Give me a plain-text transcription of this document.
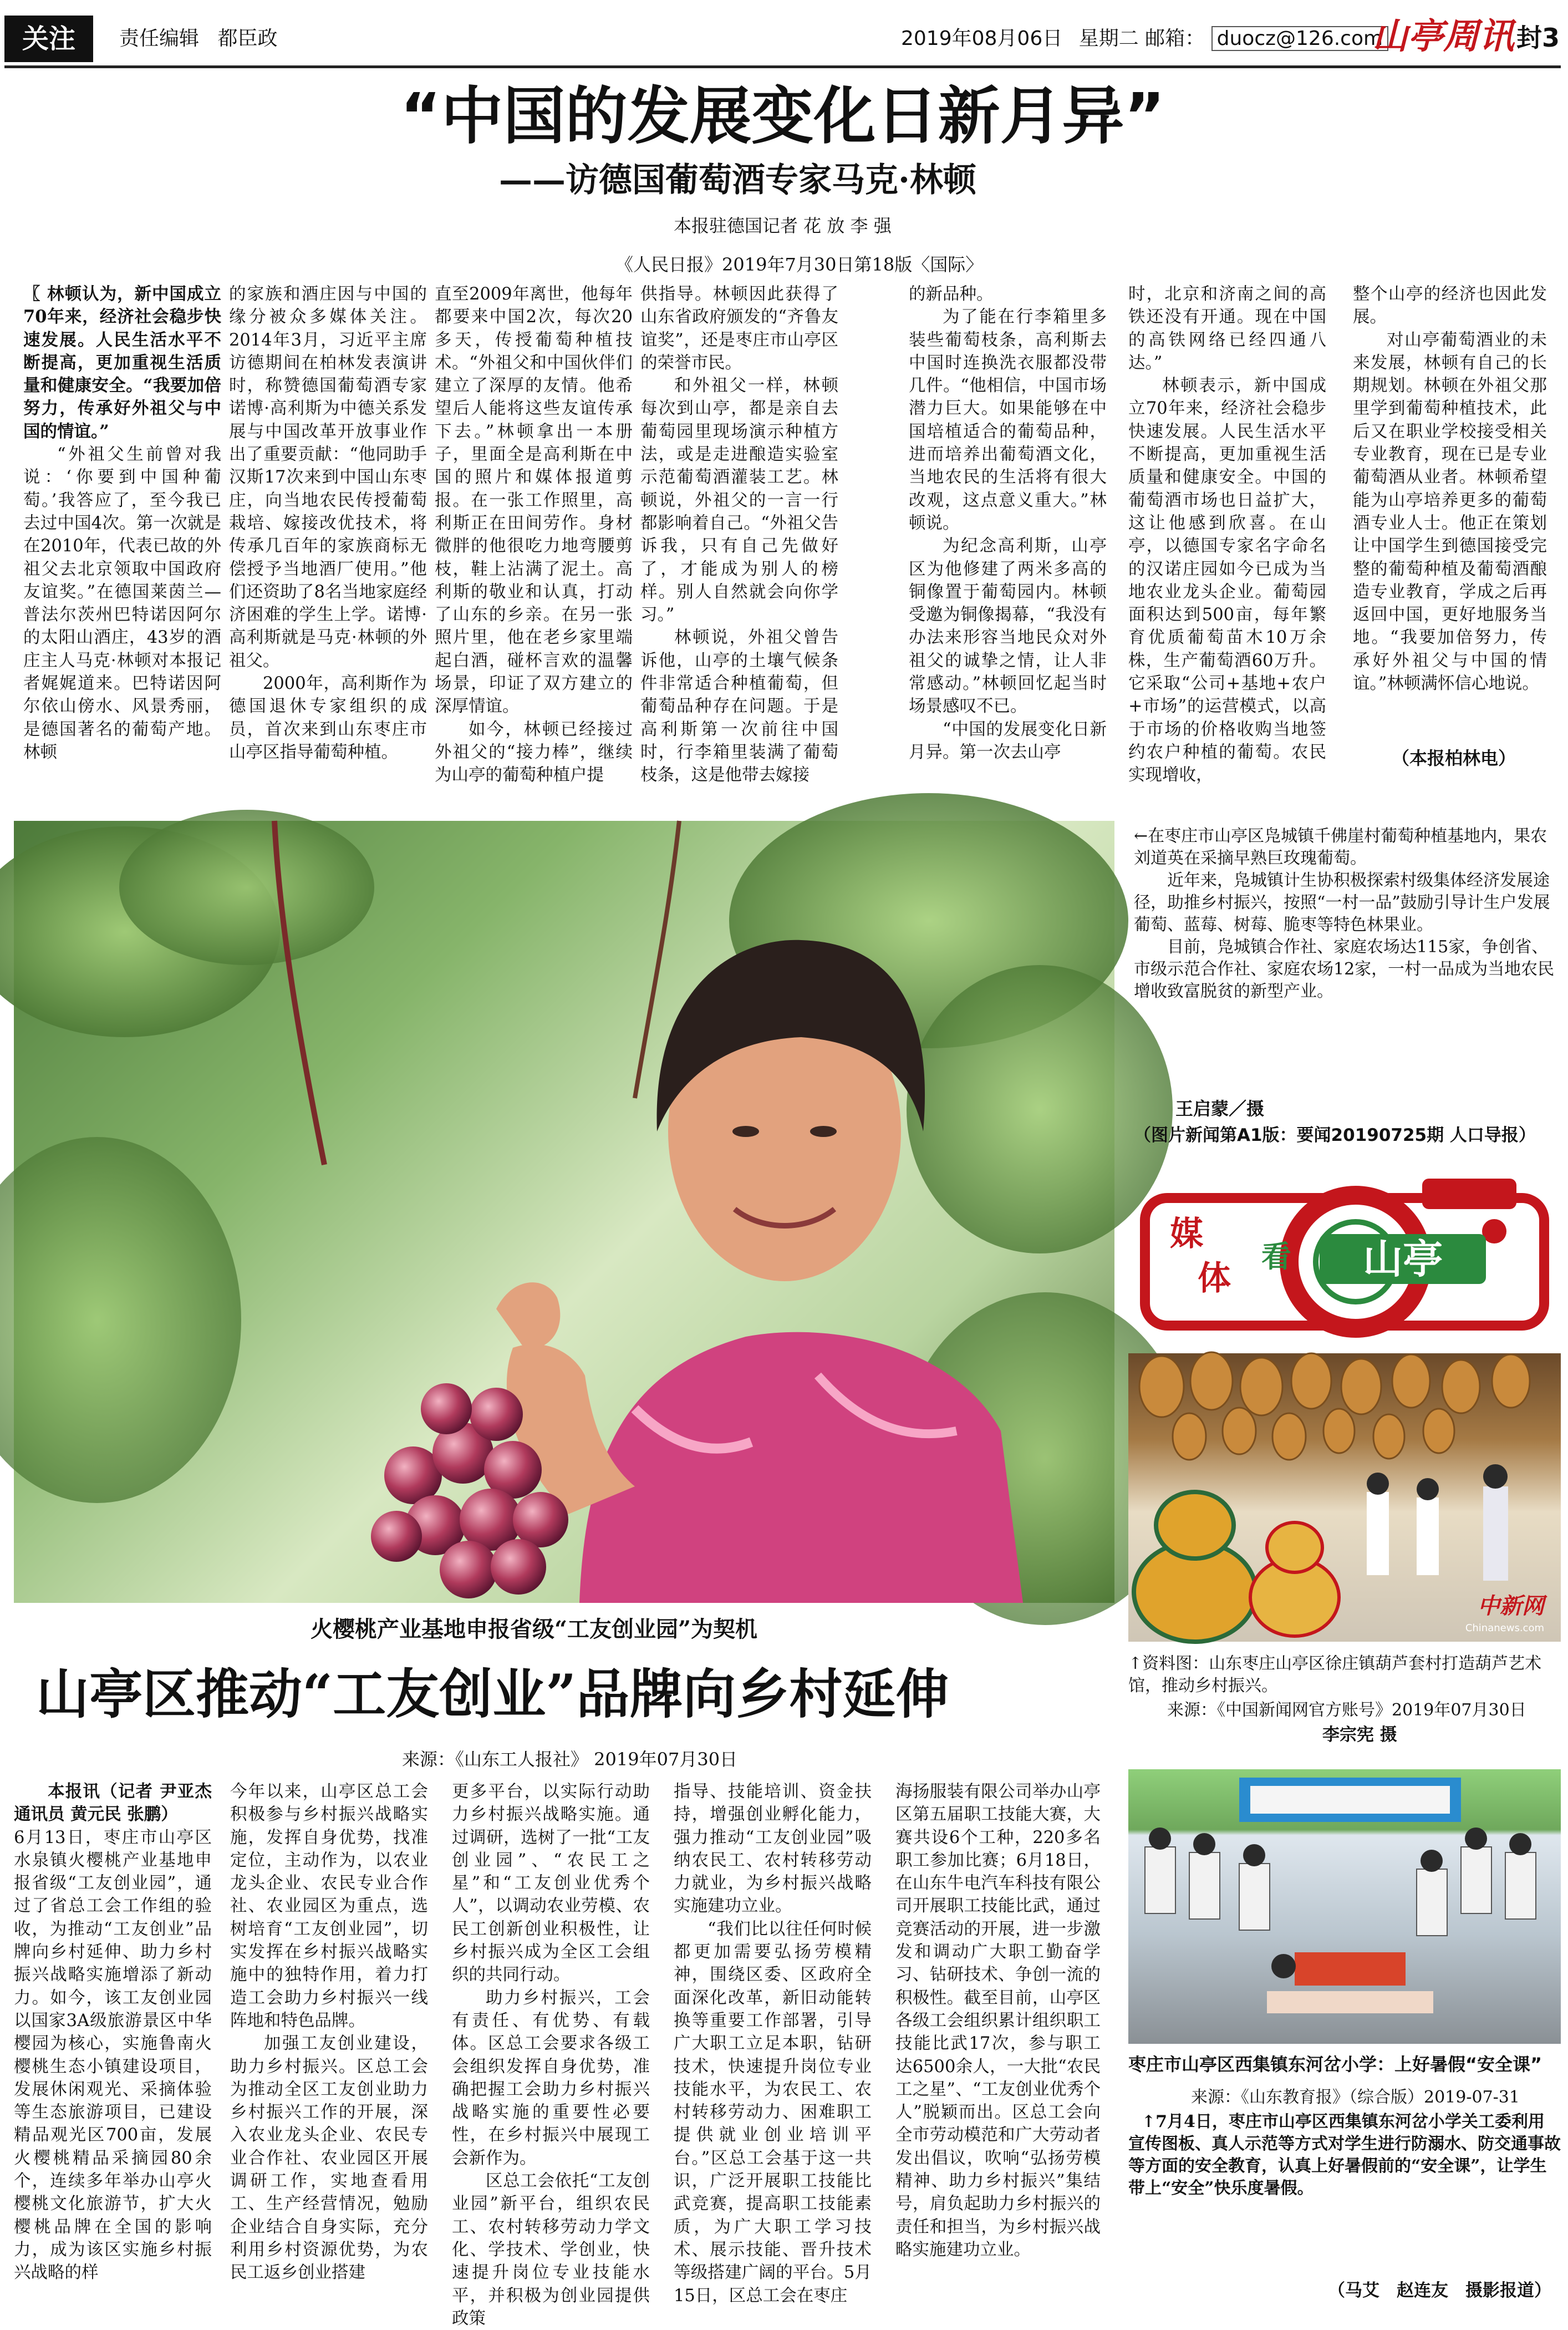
关注	责任编辑 都臣政	2019年08月06日 星期二 邮箱： duocz@126.com
山亭周讯 封3
“中国的发展变化日新月异”
——访德国葡萄酒专家马克·林顿
本报驻德国记者 花 放 李 强
《人民日报》2019年7月30日第18版〈国际〉

〖 林顿认为，新中国成立70年来，经济社会稳步快速发展。人民生活水平不断提高，更加重视生活质量和健康安全。“我要加倍努力，传承好外祖父与中国的情谊。”

“外祖父生前曾对我说：‘你要到中国种葡萄。’我答应了，至今我已去过中国4次。第一次就是在2010年，代表已故的外祖父去北京领取中国政府友谊奖。”在德国莱茵兰—普法尔茨州巴特诺因阿尔的太阳山酒庄，43岁的酒庄主人马克·林顿对本报记者娓娓道来。巴特诺因阿尔依山傍水、风景秀丽，是德国著名的葡萄产地。林顿

的家族和酒庄因与中国的缘分被众多媒体关注。2014年3月，习近平主席访德期间在柏林发表演讲时，称赞德国葡萄酒专家诺博·高利斯为中德关系发展与中国改革开放事业作出了重要贡献：“他同助手汉斯17次来到中国山东枣庄，向当地农民传授葡萄栽培、嫁接改优技术，将传承几百年的家族商标无偿授予当地酒厂使用。”他们还资助了8名当地家庭经济困难的学生上学。诺博·高利斯就是马克·林顿的外祖父。

2000年，高利斯作为德国退休专家组织的成员，首次来到山东枣庄市山亭区指导葡萄种植。

直至2009年离世，他每年都要来中国2次，每次20多天，传授葡萄种植技术。“外祖父和中国伙伴们建立了深厚的友情。他希望后人能将这些友谊传承下去。”林顿拿出一本册子，里面全是高利斯在中国的照片和媒体报道剪报。在一张工作照里，高利斯正在田间劳作。身材微胖的他很吃力地弯腰剪枝，鞋上沾满了泥土。高利斯的敬业和认真，打动了山东的乡亲。在另一张照片里，他在老乡家里端起白酒，碰杯言欢的温馨场景，印证了双方建立的深厚情谊。

如今，林顿已经接过外祖父的“接力棒”，继续为山亭的葡萄种植户提

供指导。林顿因此获得了山东省政府颁发的“齐鲁友谊奖”，还是枣庄市山亭区的荣誉市民。

和外祖父一样，林顿每次到山亭，都是亲自去葡萄园里现场演示种植方法，或是走进酿造实验室示范葡萄酒灌装工艺。林顿说，外祖父的一言一行都影响着自己。“外祖父告诉我，只有自己先做好了，才能成为别人的榜样。别人自然就会向你学习。”

林顿说，外祖父曾告诉他，山亭的土壤气候条件非常适合种植葡萄，但葡萄品种存在问题。于是高利斯第一次前往中国时，行李箱里装满了葡萄枝条，这是他带去嫁接

的新品种。

为了能在行李箱里多装些葡萄枝条，高利斯去中国时连换洗衣服都没带几件。“他相信，中国市场潜力巨大。如果能够在中国培植适合的葡萄品种，进而培养出葡萄酒文化，当地农民的生活将有很大改观，这点意义重大。”林顿说。

为纪念高利斯，山亭区为他修建了两米多高的铜像置于葡萄园内。林顿受邀为铜像揭幕，“我没有办法来形容当地民众对外祖父的诚挚之情，让人非常感动。”林顿回忆起当时场景感叹不已。

“中国的发展变化日新月异。第一次去山亭

时，北京和济南之间的高铁还没有开通。现在中国的高铁网络已经四通八达。”

林顿表示，新中国成立70年来，经济社会稳步快速发展。人民生活水平不断提高，更加重视生活质量和健康安全。中国的葡萄酒市场也日益扩大，这让他感到欣喜。在山亭，以德国专家名字命名的汉诺庄园如今已成为当地农业龙头企业。葡萄园面积达到500亩，每年繁育优质葡萄苗木10万余株，生产葡萄酒60万升。它采取“公司+基地+农户+市场”的运营模式，以高于市场的价格收购当地签约农户种植的葡萄。农民实现增收，

整个山亭的经济也因此发展。

对山亭葡萄酒业的未来发展，林顿有自己的长期规划。林顿在外祖父那里学到葡萄种植技术，此后又在职业学校接受相关专业教育，现在已是专业葡萄酒从业者。林顿希望能为山亭培养更多的葡萄酒专业人士。他正在策划让中国学生到德国接受完整的葡萄种植及葡萄酒酿造专业教育，学成之后再返回中国，更好地服务当地。“我要加倍努力，传承好外祖父与中国的情谊。”林顿满怀信心地说。

（本报柏林电）

←在枣庄市山亭区凫城镇千佛崖村葡萄种植基地内，果农刘道英在采摘早熟巨玫瑰葡萄。

近年来，凫城镇计生协积极探索村级集体经济发展途径，助推乡村振兴，按照“一村一品”鼓励引导计生户发展葡萄、蓝莓、树莓、脆枣等特色林果业。

目前，凫城镇合作社、家庭农场达115家，争创省、市级示范合作社、家庭农场12家，一村一品成为当地农民增收致富脱贫的新型产业。

王启蒙／摄
（图片新闻第A1版：要闻20190725期 人口导报）
媒
体
看	山亭
中新网
Chinanews.com
↑资料图：山东枣庄山亭区徐庄镇葫芦套村打造葫芦艺术馆，推动乡村振兴。
来源：《中国新闻网官方账号》2019年07月30日
李宗宪 摄
枣庄市山亭区西集镇东河岔小学：上好暑假“安全课”
来源：《山东教育报》（综合版）2019-07-31
↑7月4日，枣庄市山亭区西集镇东河岔小学关工委利用宣传图板、真人示范等方式对学生进行防溺水、防交通事故等方面的安全教育，认真上好暑假前的“安全课”，让学生带上“安全”快乐度暑假。
（马艾　赵连友　摄影报道）
火樱桃产业基地申报省级“工友创业园”为契机
山亭区推动“工友创业”品牌向乡村延伸
来源：《山东工人报社》 2019年07月30日

本报讯（记者 尹亚杰 通讯员 黄元民 张鹏）

6月13日，枣庄市山亭区水泉镇火樱桃产业基地申报省级“工友创业园”，通过了省总工会工作组的验收，为推动“工友创业”品牌向乡村延伸、助力乡村振兴战略实施增添了新动力。如今，该工友创业园以国家3A级旅游景区中华樱园为核心，实施鲁南火樱桃生态小镇建设项目，发展休闲观光、采摘体验等生态旅游项目，已建设精品观光区700亩，发展火樱桃精品采摘园80余个，连续多年举办山亭火樱桃文化旅游节，扩大火樱桃品牌在全国的影响力，成为该区实施乡村振兴战略的样

今年以来，山亭区总工会积极参与乡村振兴战略实施，发挥自身优势，找准定位，主动作为，以农业龙头企业、农民专业合作社、农业园区为重点，选树培育“工友创业园”，切实发挥在乡村振兴战略实施中的独特作用，着力打造工会助力乡村振兴一线阵地和特色品牌。

加强工友创业建设，助力乡村振兴。区总工会为推动全区工友创业助力乡村振兴工作的开展，深入农业龙头企业、农民专业合作社、农业园区开展调研工作，实地查看用工、生产经营情况，勉励企业结合自身实际，充分利用乡村资源优势，为农民工返乡创业搭建

更多平台，以实际行动助力乡村振兴战略实施。通过调研，选树了一批“工友创业园”、“农民工之星”和“工友创业优秀个人”，以调动农业劳模、农民工创新创业积极性，让乡村振兴成为全区工会组织的共同行动。

助力乡村振兴，工会有责任、有优势、有载体。区总工会要求各级工会组织发挥自身优势，准确把握工会助力乡村振兴战略实施的重要性必要性，在乡村振兴中展现工会新作为。

区总工会依托“工友创业园”新平台，组织农民工、农村转移劳动力学文化、学技术、学创业，快速提升岗位专业技能水平，并积极为创业园提供政策

指导、技能培训、资金扶持，增强创业孵化能力，强力推动“工友创业园”吸纳农民工、农村转移劳动力就业，为乡村振兴战略实施建功立业。

“我们比以往任何时候都更加需要弘扬劳模精神，围绕区委、区政府全面深化改革，新旧动能转换等重要工作部署，引导广大职工立足本职，钻研技术，快速提升岗位专业技能水平，为农民工、农村转移劳动力、困难职工提供就业创业培训平台。”区总工会基于这一共识，广泛开展职工技能比武竞赛，提高职工技能素质，为广大职工学习技术、展示技能、晋升技术等级搭建广阔的平台。5月15日，区总工会在枣庄

海扬服装有限公司举办山亭区第五届职工技能大赛，大赛共设6个工种，220多名职工参加比赛；6月18日，在山东牛电汽车科技有限公司开展职工技能比武，通过竞赛活动的开展，进一步激发和调动广大职工勤奋学习、钻研技术、争创一流的积极性。截至目前，山亭区各级工会组织累计组织职工技能比武17次，参与职工达6500余人，一大批“农民工之星”、“工友创业优秀个人”脱颖而出。区总工会向全市劳动模范和广大劳动者发出倡议，吹响“弘扬劳模精神、助力乡村振兴”集结号，肩负起助力乡村振兴的责任和担当，为乡村振兴战略实施建功立业。
